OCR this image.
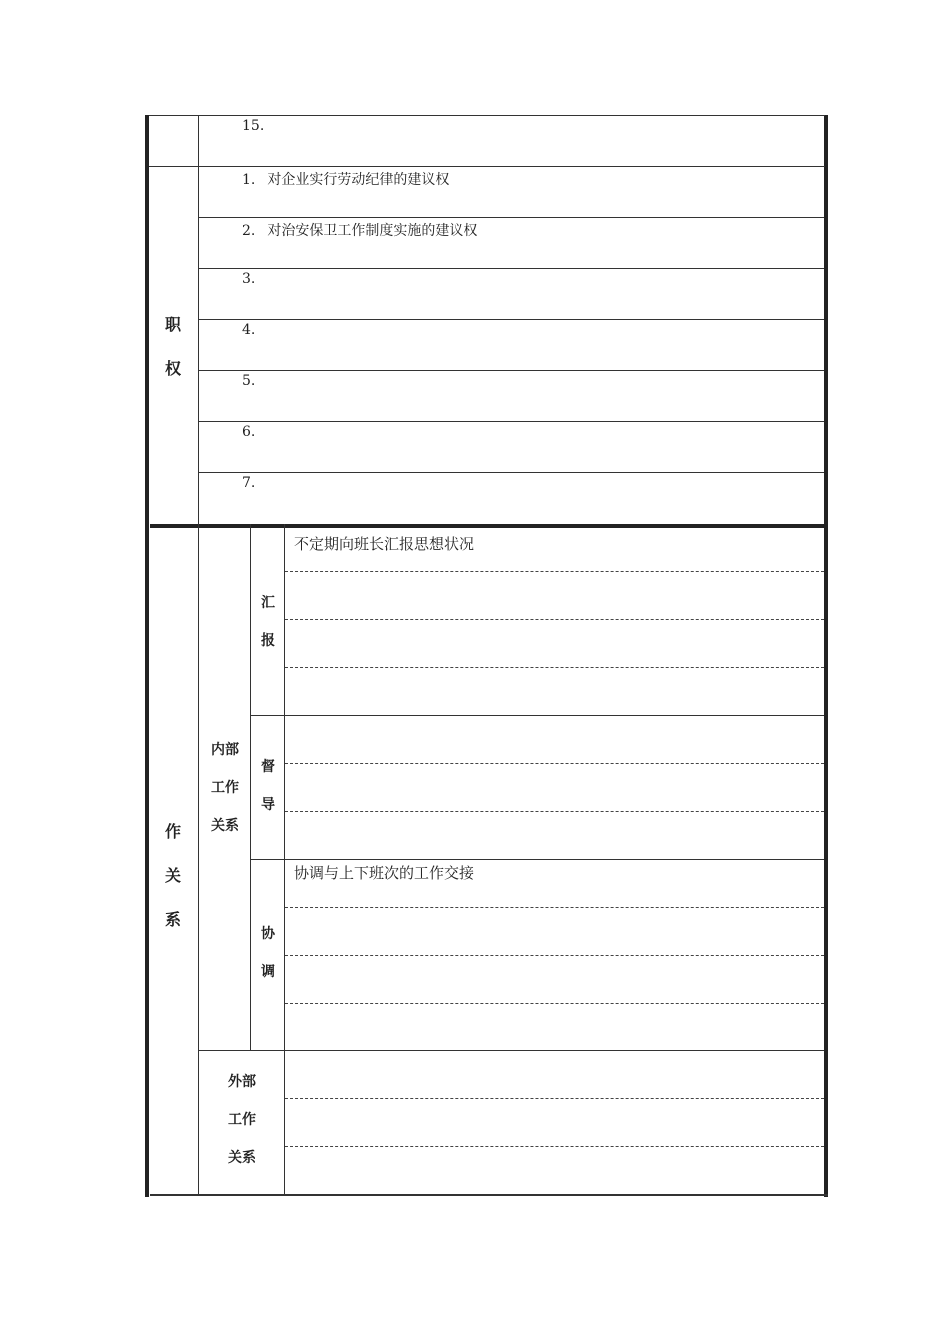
15.
职
权
1. 对企业实行劳动纪律的建议权
2. 对治安保卫工作制度实施的建议权
3.
4.
5.
6.
7.
作
关
系
内部
工作
关系
汇
报
不定期向班长汇报思想状况
督
导
协
调
协调与上下班次的工作交接
外部
工作
关系
